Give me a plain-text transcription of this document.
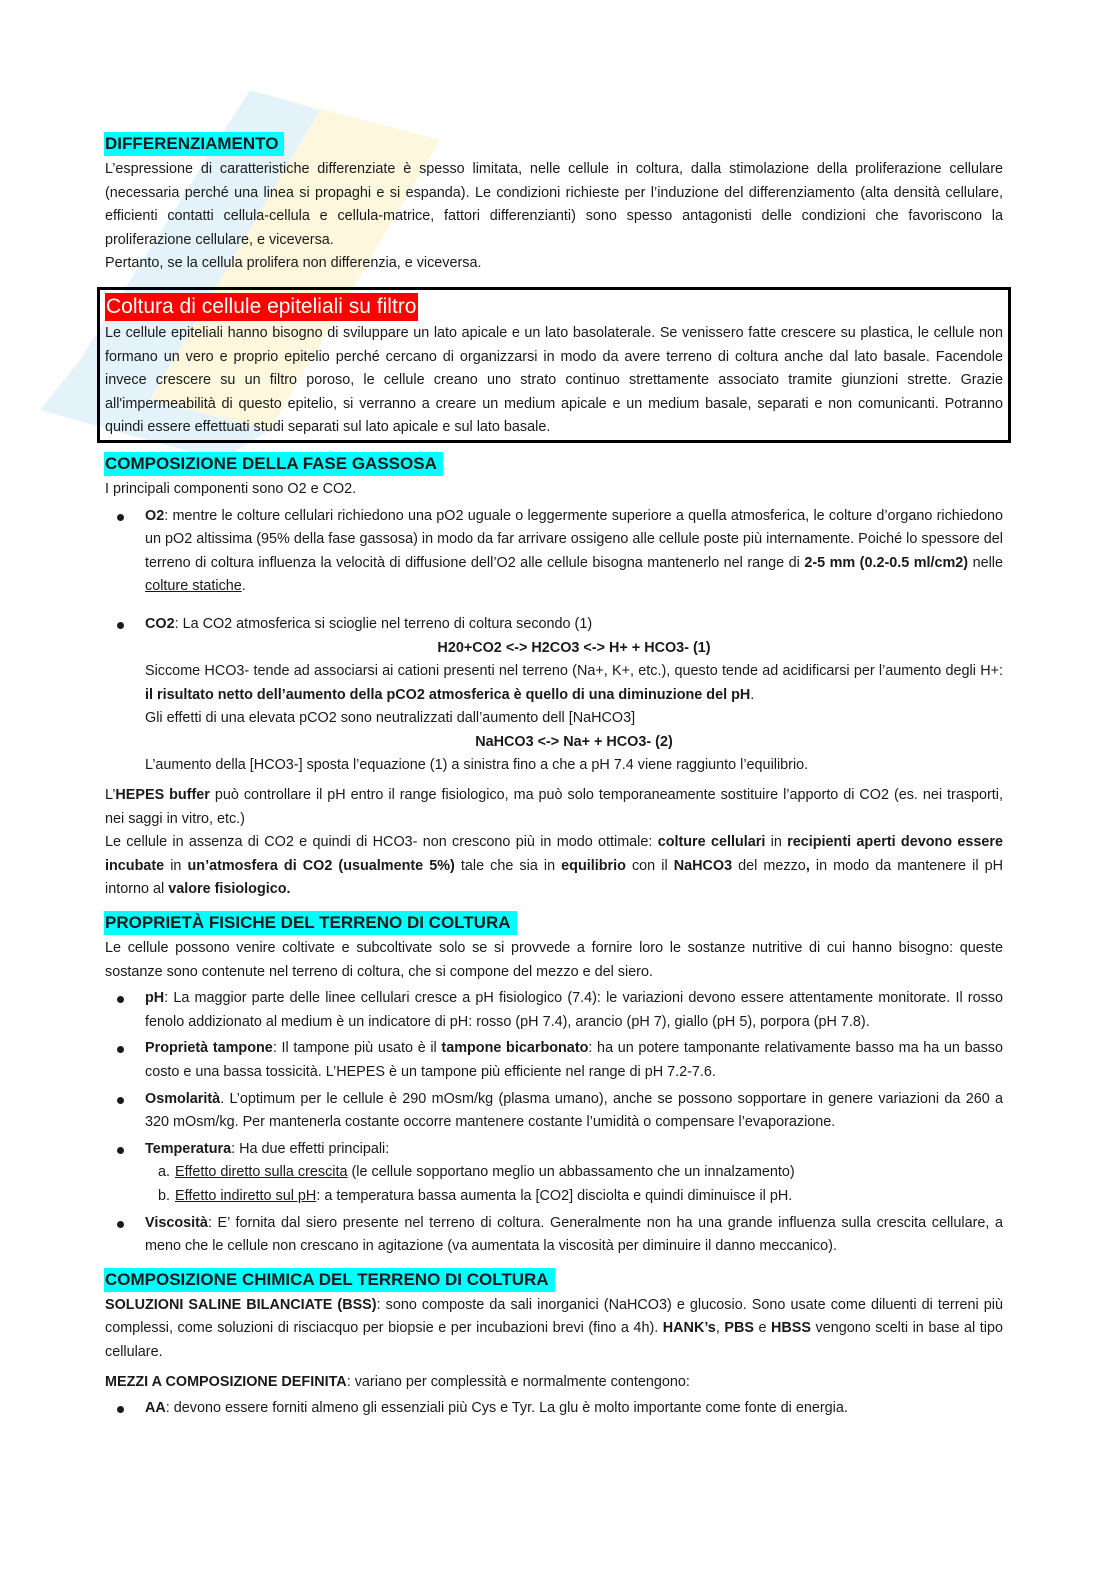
DIFFERENZIAMENTO

L’espressione di caratteristiche differenziate è spesso limitata, nelle cellule in coltura, dalla stimolazione della proliferazione cellulare (necessaria perché una linea si propaghi e si espanda). Le condizioni richieste per l’induzione del differenziamento (alta densità cellulare, efficienti contatti cellula-cellula e cellula-matrice, fattori differenzianti) sono spesso antagonisti delle condizioni che favoriscono la proliferazione cellulare, e viceversa.

Pertanto, se la cellula prolifera non differenzia, e viceversa.

Coltura di cellule epiteliali su filtro

Le cellule epiteliali hanno bisogno di sviluppare un lato apicale e un lato basolaterale. Se venissero fatte crescere su plastica, le cellule non formano un vero e proprio epitelio perché cercano di organizzarsi in modo da avere terreno di coltura anche dal lato basale. Facendole invece crescere su un filtro poroso, le cellule creano uno strato continuo strettamente associato tramite giunzioni strette. Grazie all'impermeabilità di questo epitelio, si verranno a creare un medium apicale e un medium basale, separati e non comunicanti. Potranno quindi essere effettuati studi separati sul lato apicale e sul lato basale.

COMPOSIZIONE DELLA FASE GASSOSA

I principali componenti sono O2 e CO2.

O2: mentre le colture cellulari richiedono una pO2 uguale o leggermente superiore a quella atmosferica, le colture d’organo richiedono un pO2 altissima (95% della fase gassosa) in modo da far arrivare ossigeno alle cellule poste più internamente. Poiché lo spessore del terreno di coltura influenza la velocità di diffusione dell’O2 alle cellule bisogna mantenerlo nel range di 2-5 mm (0.2-0.5 ml/cm2) nelle colture statiche.

CO2: La CO2 atmosferica si scioglie nel terreno di coltura secondo (1)

H20+CO2 <-> H2CO3 <-> H+ + HCO3- (1)

Siccome HCO3- tende ad associarsi ai cationi presenti nel terreno (Na+, K+, etc.), questo tende ad acidificarsi per l’aumento degli H+: il risultato netto dell’aumento della pCO2 atmosferica è quello di una diminuzione del pH.

Gli effetti di una elevata pCO2 sono neutralizzati dall’aumento dell [NaHCO3]

NaHCO3 <-> Na+ + HCO3- (2)

L’aumento della [HCO3-] sposta l’equazione (1) a sinistra fino a che a pH 7.4 viene raggiunto l’equilibrio.

L’HEPES buffer può controllare il pH entro il range fisiologico, ma può solo temporaneamente sostituire l’apporto di CO2 (es. nei trasporti, nei saggi in vitro, etc.)

Le cellule in assenza di CO2 e quindi di HCO3- non crescono più in modo ottimale: colture cellulari in recipienti aperti devono essere incubate in un’atmosfera di CO2 (usualmente 5%) tale che sia in equilibrio con il NaHCO3 del mezzo, in modo da mantenere il pH intorno al valore fisiologico.

PROPRIETÀ FISICHE DEL TERRENO DI COLTURA

Le cellule possono venire coltivate e subcoltivate solo se si provvede a fornire loro le sostanze nutritive di cui hanno bisogno: queste sostanze sono contenute nel terreno di coltura, che si compone del mezzo e del siero.

pH: La maggior parte delle linee cellulari cresce a pH fisiologico (7.4): le variazioni devono essere attentamente monitorate. Il rosso fenolo addizionato al medium è un indicatore di pH: rosso (pH 7.4), arancio (pH 7), giallo (pH 5), porpora (pH 7.8).

Proprietà tampone: Il tampone più usato è il tampone bicarbonato: ha un potere tamponante relativamente basso ma ha un basso costo e una bassa tossicità. L’HEPES è un tampone più efficiente nel range di pH 7.2-7.6.

Osmolarità. L’optimum per le cellule è 290 mOsm/kg (plasma umano), anche se possono sopportare in genere variazioni da 260 a 320 mOsm/kg. Per mantenerla costante occorre mantenere costante l’umidità o compensare l’evaporazione.

Temperatura: Ha due effetti principali:

a. Effetto diretto sulla crescita (le cellule sopportano meglio un abbassamento che un innalzamento)

b. Effetto indiretto sul pH: a temperatura bassa aumenta la [CO2] disciolta e quindi diminuisce il pH.

Viscosità: E’ fornita dal siero presente nel terreno di coltura. Generalmente non ha una grande influenza sulla crescita cellulare, a meno che le cellule non crescano in agitazione (va aumentata la viscosità per diminuire il danno meccanico).

COMPOSIZIONE CHIMICA DEL TERRENO DI COLTURA

SOLUZIONI SALINE BILANCIATE (BSS): sono composte da sali inorganici (NaHCO3) e glucosio. Sono usate come diluenti di terreni più complessi, come soluzioni di risciacquo per biopsie e per incubazioni brevi (fino a 4h). HANK’s, PBS e HBSS vengono scelti in base al tipo cellulare.

MEZZI A COMPOSIZIONE DEFINITA: variano per complessità e normalmente contengono:

AA: devono essere forniti almeno gli essenziali più Cys e Tyr. La glu è molto importante come fonte di energia.
